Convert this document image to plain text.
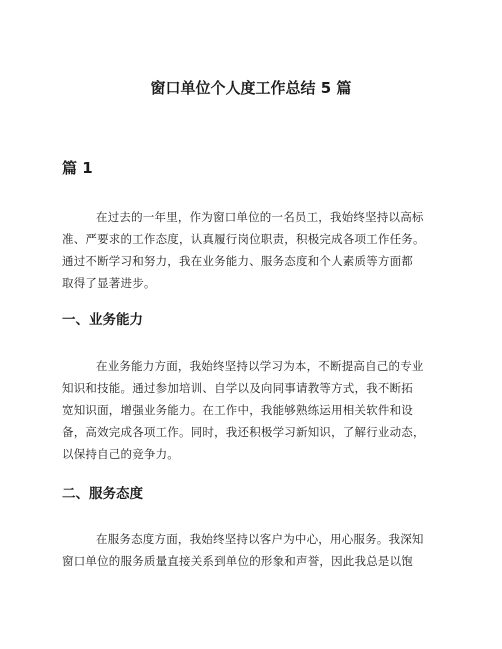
窗口单位个人度工作总结 5 篇
篇 1
在过去的一年里，作为窗口单位的一名员工，我始终坚持以高标
准、严要求的工作态度，认真履行岗位职责，积极完成各项工作任务。
通过不断学习和努力，我在业务能力、服务态度和个人素质等方面都
取得了显著进步。
一、业务能力
在业务能力方面，我始终坚持以学习为本，不断提高自己的专业
知识和技能。通过参加培训、自学以及向同事请教等方式，我不断拓
宽知识面，增强业务能力。在工作中，我能够熟练运用相关软件和设
备，高效完成各项工作。同时，我还积极学习新知识，了解行业动态，
以保持自己的竞争力。
二、服务态度
在服务态度方面，我始终坚持以客户为中心，用心服务。我深知
窗口单位的服务质量直接关系到单位的形象和声誉，因此我总是以饱
